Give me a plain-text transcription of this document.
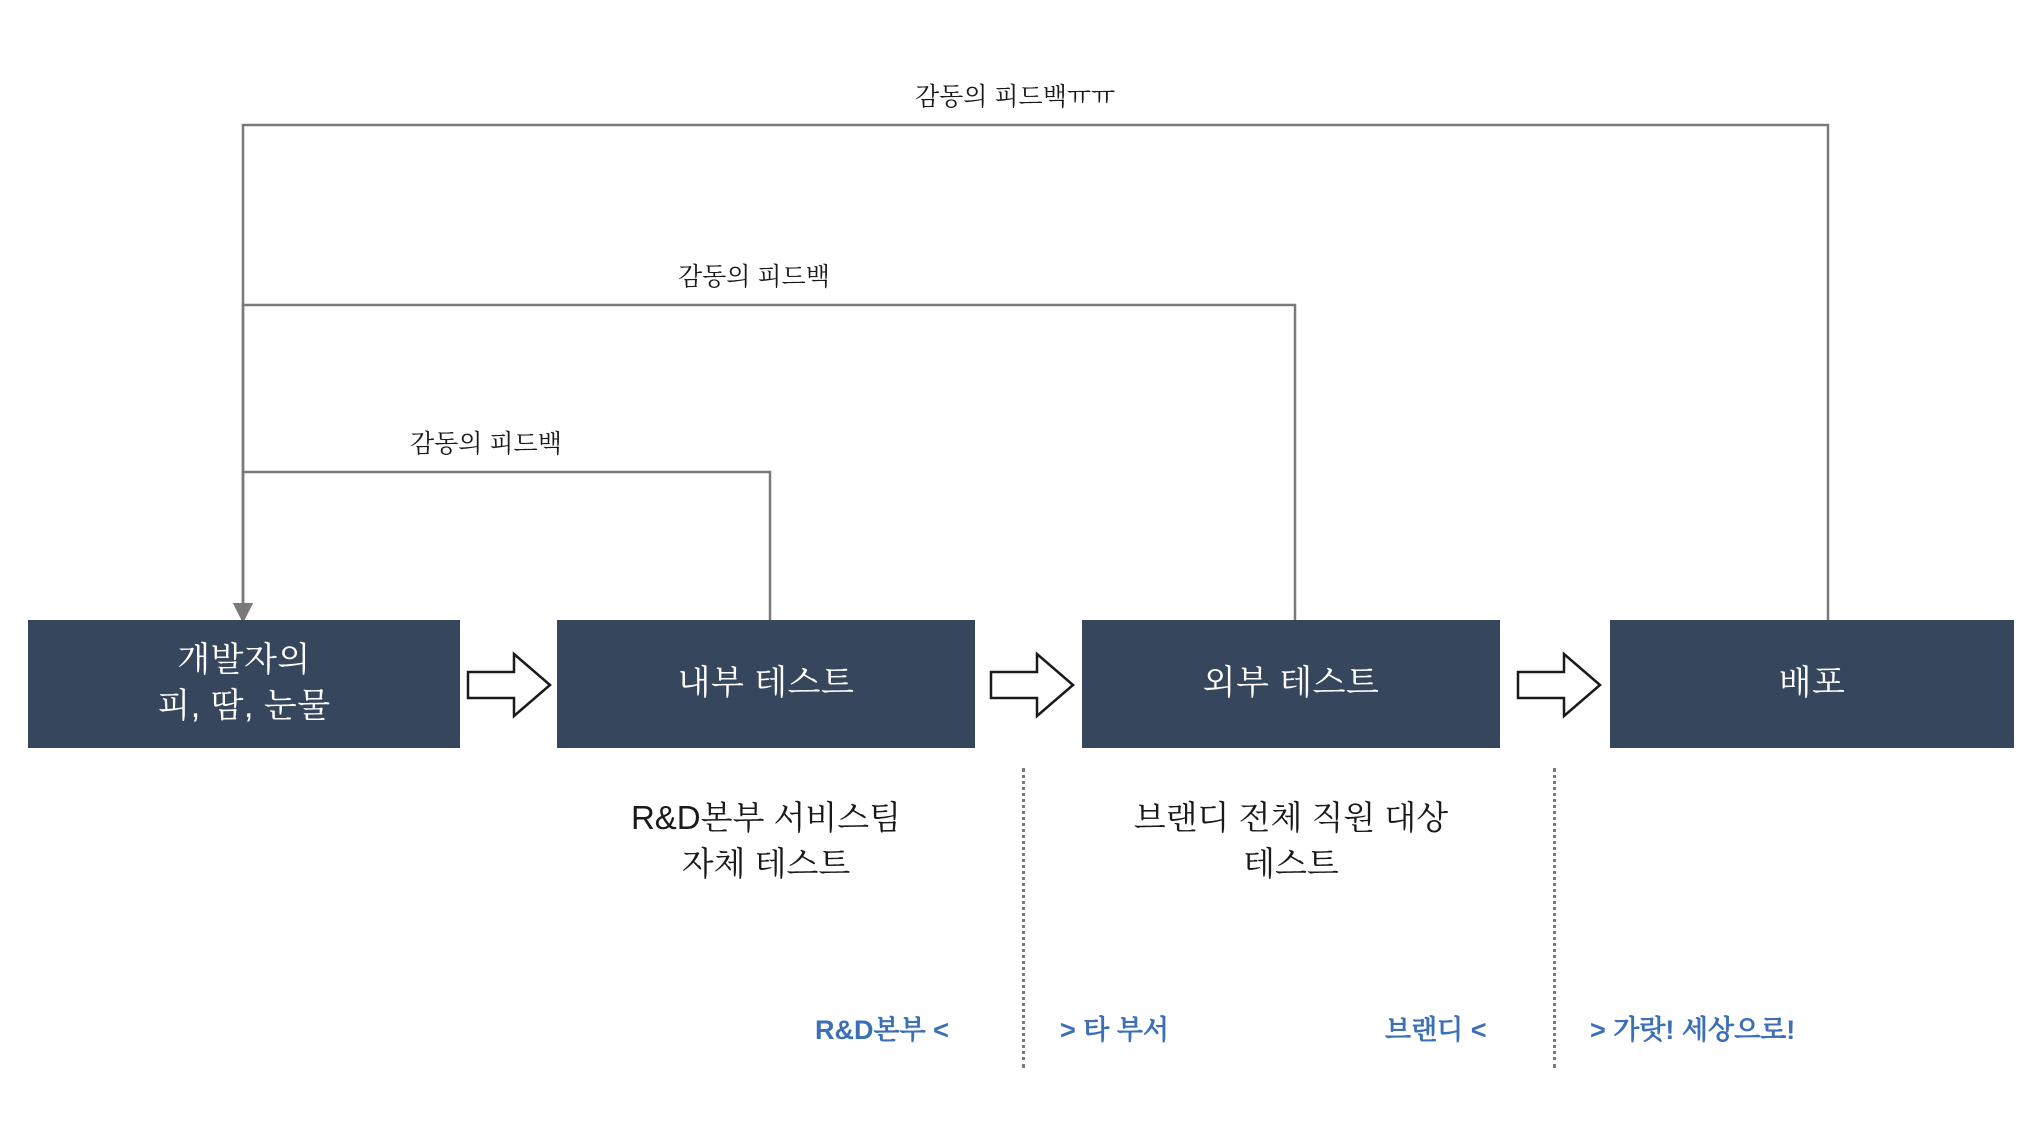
감동의 피드백
감동의 피드백
감동의 피드백ㅠㅠ
개발자의
피, 땀, 눈물
내부 테스트	외부 테스트	배포
R&D본부 서비스팀
자체 테스트
브랜디 전체 직원 대상
테스트
R&D본부 <	> 타 부서	브랜디 <	> 가랏! 세상으로!
